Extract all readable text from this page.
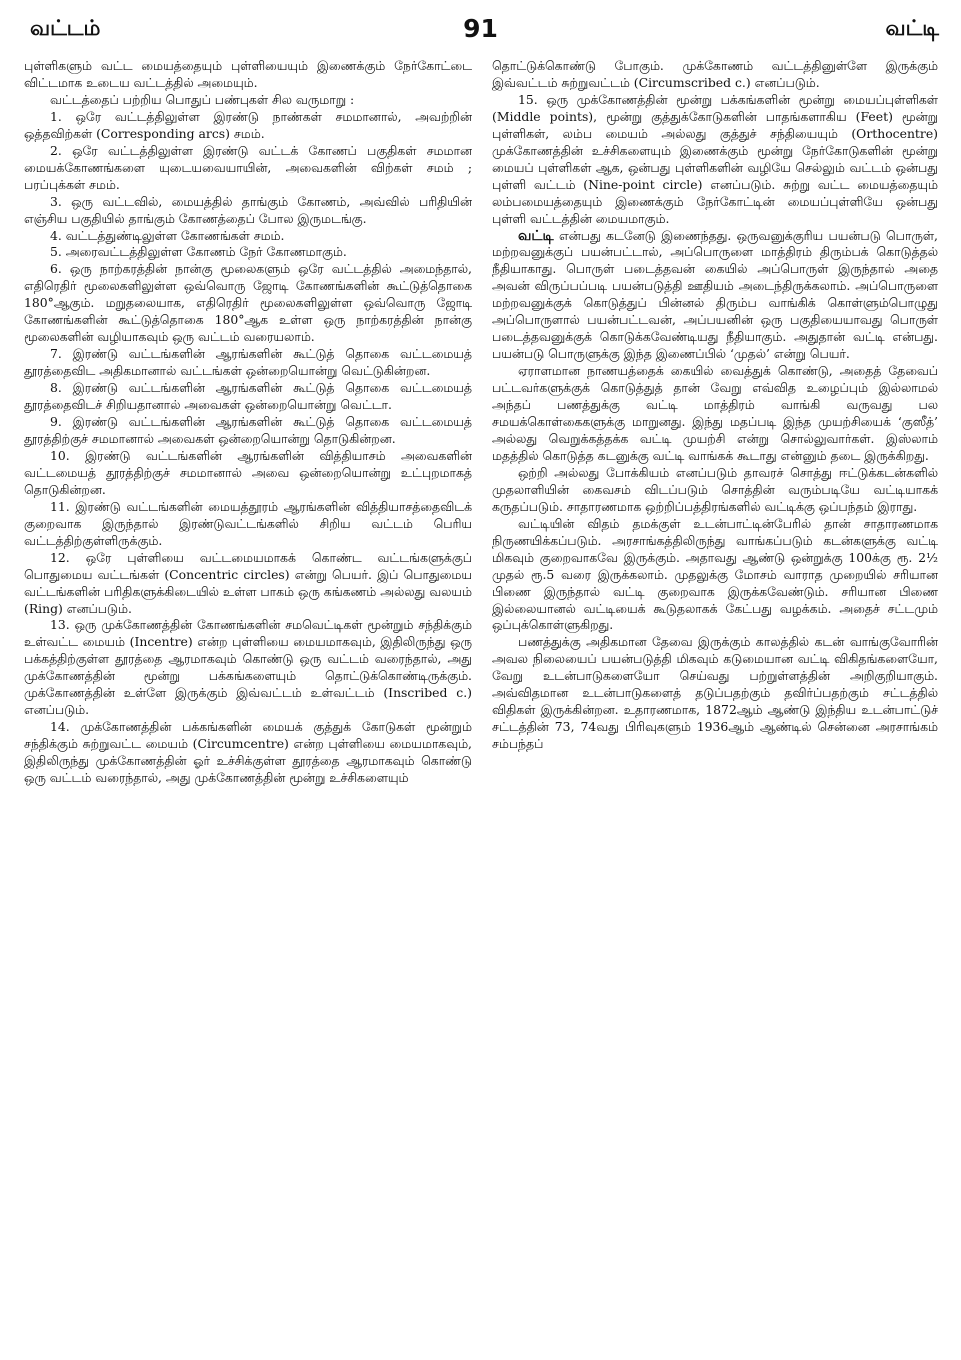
வட்டம்	91	வட்டி

புள்ளிகளும் வட்ட மையத்தையும் புள்ளியையும் இணைக்கும் நேர்கோட்டை விட்டமாக உடைய வட்டத்தில் அமையும்.

வட்டத்தைப் பற்றிய பொதுப் பண்புகள் சில வருமாறு :

1. ஒரே வட்டத்திலுள்ள இரண்டு நாண்கள் சமமானால், அவற்றின் ஒத்தவிற்கள் (Corresponding arcs) சமம்.

2. ஒரே வட்டத்திலுள்ள இரண்டு வட்டக் கோணப் பகுதிகள் சமமான மையக்கோணங்களை யுடையவையாயின், அவைகளின் விற்கள் சமம் ; பரப்புக்கள் சமம்.

3. ஒரு வட்டவில், மையத்தில் தாங்கும் கோணம், அவ்வில் பரிதியின் எஞ்சிய பகுதியில் தாங்கும் கோணத்தைப் போல இருமடங்கு.

4. வட்டத்துண்டிலுள்ள கோணங்கள் சமம்.

5. அரைவட்டத்திலுள்ள கோணம் நேர் கோணமாகும்.

6. ஒரு நாற்கரத்தின் நான்கு மூலைகளும் ஒரே வட்டத்தில் அமைந்தால், எதிரெதிர் மூலைகளிலுள்ள ஒவ்வொரு ஜோடி கோணங்களின் கூட்டுத்தொகை 180°ஆகும். மறுதலையாக, எதிரெதிர் மூலைகளிலுள்ள ஒவ்வொரு ஜோடி கோணங்களின் கூட்டுத்தொகை 180°ஆக உள்ள ஒரு நாற்கரத்தின் நான்கு மூலைகளின் வழியாகவும் ஒரு வட்டம் வரையலாம்.

7. இரண்டு வட்டங்களின் ஆரங்களின் கூட்டுத் தொகை வட்டமையத் தூரத்தைவிட அதிகமானால் வட்டங்கள் ஒன்றையொன்று வெட்டுகின்றன.

8. இரண்டு வட்டங்களின் ஆரங்களின் கூட்டுத் தொகை வட்டமையத் தூரத்தைவிடச் சிறியதானால் அவைகள் ஒன்றையொன்று வெட்டா.

9. இரண்டு வட்டங்களின் ஆரங்களின் கூட்டுத் தொகை வட்டமையத் தூரத்திற்குச் சமமானால் அவைகள் ஒன்றையொன்று தொடுகின்றன.

10. இரண்டு வட்டங்களின் ஆரங்களின் வித்தியாசம் அவைகளின் வட்டமையத் தூரத்திற்குச் சமமானால் அவை ஒன்றையொன்று உட்புறமாகத் தொடுகின்றன.

11. இரண்டு வட்டங்களின் மையத்தூரம் ஆரங்களின் வித்தியாசத்தைவிடக் குறைவாக இருந்தால் இரண்டுவட்டங்களில் சிறிய வட்டம் பெரிய வட்டத்திற்குள்ளிருக்கும்.

12. ஒரே புள்ளியை வட்டமையமாகக் கொண்ட வட்டங்களுக்குப் பொதுமைய வட்டங்கள் (Concentric circles) என்று பெயர். இப் பொதுமைய வட்டங்களின் பரிதிகளுக்கிடையில் உள்ள பாகம் ஒரு கங்கணம் அல்லது வலயம் (Ring) எனப்படும்.

13. ஒரு முக்கோணத்தின் கோணங்களின் சமவெட்டிகள் மூன்றும் சந்திக்கும் உள்வட்ட மையம் (Incentre) என்ற புள்ளியை மையமாகவும், இதிலிருந்து ஒரு பக்கத்திற்குள்ள தூரத்தை ஆரமாகவும் கொண்டு ஒரு வட்டம் வரைந்தால், அது முக்கோணத்தின் மூன்று பக்கங்களையும் தொட்டுக்கொண்டிருக்கும். முக்கோணத்தின் உள்ளே இருக்கும் இவ்வட்டம் உள்வட்டம் (Inscribed c.) எனப்படும்.

14. முக்கோணத்தின் பக்கங்களின் மையக் குத்துக் கோடுகள் மூன்றும் சந்திக்கும் சுற்றுவட்ட மையம் (Circumcentre) என்ற புள்ளியை மையமாகவும், இதிலிருந்து முக்கோணத்தின் ஓர் உச்சிக்குள்ள தூரத்தை ஆரமாகவும் கொண்டு ஒரு வட்டம் வரைந்தால், அது முக்கோணத்தின் மூன்று உச்சிகளையும்

தொட்டுக்கொண்டு போகும். முக்கோணம் வட்டத்தினுள்ளே இருக்கும் இவ்வட்டம் சுற்றுவட்டம் (Circumscribed c.) எனப்படும்.

15. ஒரு முக்கோணத்தின் மூன்று பக்கங்களின் மூன்று மையப்புள்ளிகள் (Middle points), மூன்று குத்துக்கோடுகளின் பாதங்களாகிய (Feet) மூன்று புள்ளிகள், லம்ப மையம் அல்லது குத்துச் சந்தியையும் (Orthocentre) முக்கோணத்தின் உச்சிகளையும் இணைக்கும் மூன்று நேர்கோடுகளின் மூன்று மையப் புள்ளிகள் ஆக, ஒன்பது புள்ளிகளின் வழியே செல்லும் வட்டம் ஒன்பது புள்ளி வட்டம் (Nine-point circle) எனப்படும். சுற்று வட்ட மையத்தையும் லம்பமையத்தையும் இணைக்கும் நேர்கோட்டின் மையப்புள்ளியே ஒன்பது புள்ளி வட்டத்தின் மையமாகும்.

வட்டி என்பது கடனேடு இணைந்தது. ஒருவனுக்குரிய பயன்படு பொருள், மற்றவனுக்குப் பயன்பட்டால், அப்பொருளை மாத்திரம் திரும்பக் கொடுத்தல் நீதியாகாது. பொருள் படைத்தவன் கையில் அப்பொருள் இருந்தால் அதை அவன் விருப்பப்படி பயன்படுத்தி ஊதியம் அடைந்திருக்கலாம். அப்பொருளை மற்றவனுக்குக் கொடுத்துப் பின்னல் திரும்ப வாங்கிக் கொள்ளும்பொழுது அப்பொருளால் பயன்பட்டவன், அப்பயனின் ஒரு பகுதியையாவது பொருள் படைத்தவனுக்குக் கொடுக்கவேண்டியது நீதியாகும். அதுதான் வட்டி என்பது. பயன்படு பொருளுக்கு இந்த இணைப்பில் ‘முதல்’ என்று பெயர்.

ஏராளமான நாணயத்தைக் கையில் வைத்துக் கொண்டு, அதைத் தேவைப் பட்டவர்களுக்குக் கொடுத்துத் தான் வேறு எவ்வித உழைப்பும் இல்லாமல் அந்தப் பணத்துக்கு வட்டி மாத்திரம் வாங்கி வருவது பல சமயக்கொள்கைகளுக்கு மாறுனது. இந்து மதப்படி இந்த முயற்சியைக் ‘குஸீத்’ அல்லது வெறுக்கத்தக்க வட்டி முயற்சி என்று சொல்லுவார்கள். இஸ்லாம் மதத்தில் கொடுத்த கடனுக்கு வட்டி வாங்கக் கூடாது என்னும் தடை இருக்கிறது.

ஒற்றி அல்லது போக்கியம் எனப்படும் தாவரச் சொத்து ஈட்டுக்கடன்களில் முதலாளியின் கைவசம் விடப்படும் சொத்தின் வரும்படியே வட்டியாகக் கருதப்படும். சாதாரணமாக ஒற்றிப்பத்திரங்களில் வட்டிக்கு ஒப்பந்தம் இராது.

வட்டியின் விதம் தமக்குள் உடன்பாட்டின்பேரில் தான் சாதாரணமாக நிருணயிக்கப்படும். அரசாங்கத்திலிருந்து வாங்கப்படும் கடன்களுக்கு வட்டி மிகவும் குறைவாகவே இருக்கும். அதாவது ஆண்டு ஒன்றுக்கு 100க்கு ரூ. 2½ முதல் ரூ.5 வரை இருக்கலாம். முதலுக்கு மோசம் வாராத முறையில் சரியான பிணை இருந்தால் வட்டி குறைவாக இருக்கவேண்டும். சரியான பிணை இல்லையானல் வட்டியைக் கூடுதலாகக் கேட்பது வழக்கம். அதைச் சட்டமும் ஒப்புக்கொள்ளுகிறது.

பணத்துக்கு அதிகமான தேவை இருக்கும் காலத்தில் கடன் வாங்குவோரின் அவல நிலையைப் பயன்படுத்தி மிகவும் கடுமையான வட்டி விகிதங்களையோ, வேறு உடன்பாடுகளையோ செய்வது பற்றுள்ளத்தின் அறிகுறியாகும். அவ்விதமான உடன்பாடுகளைத் தடுப்பதற்கும் தவிர்ப்பதற்கும் சட்டத்தில் விதிகள் இருக்கின்றன. உதாரணமாக, 1872ஆம் ஆண்டு இந்திய உடன்பாட்டுச் சட்டத்தின் 73, 74வது பிரிவுகளும் 1936ஆம் ஆண்டில் சென்னை அரசாங்கம் சம்பந்தப்
